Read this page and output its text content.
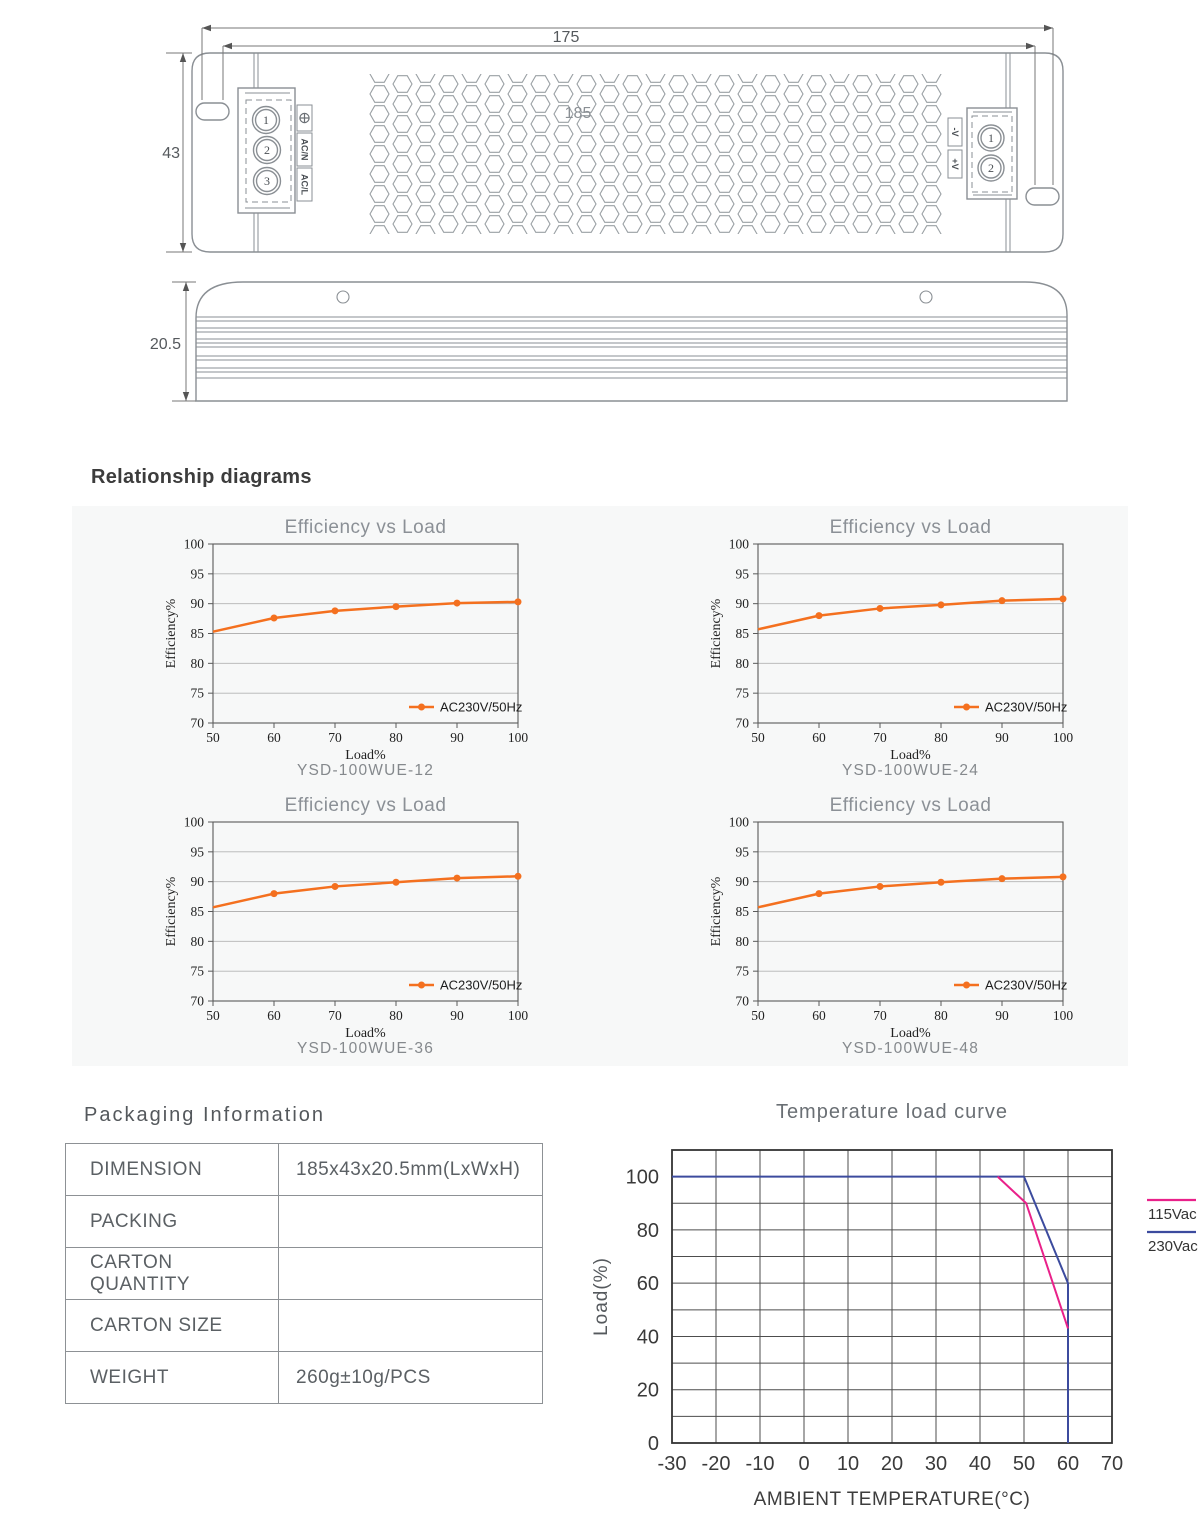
175
185
43
20.5
1
2
3
1
2
AC/N
AC/L
-V
+V
Relationship diagrams
Efficiency vs Load
70
75
80
85
90
95
100
50	60	70	80	90	100
Load%
Efficiency%
AC230V/50Hz
YSD-100WUE-12
Efficiency vs Load
70
75
80
85
90
95
100
50	60	70	80	90	100
Load%
Efficiency%
AC230V/50Hz
YSD-100WUE-24
Efficiency vs Load
70
75
80
85
90
95
100
50	60	70	80	90	100
Load%
Efficiency%
AC230V/50Hz
YSD-100WUE-36
Efficiency vs Load
70
75
80
85
90
95
100
50	60	70	80	90	100
Load%
Efficiency%
AC230V/50Hz
YSD-100WUE-48
Packaging Information
DIMENSION	185x43x20.5mm(LxWxH)
PACKING
CARTON QUANTITY
CARTON SIZE
WEIGHT	260g±10g/PCS
Temperature load curve
0
20
40
60
80
100
-30 -20 -10 0 10 20 30 40 50 60 70
AMBIENT TEMPERATURE(°C)
Load(%)
115Vac
230Vac
